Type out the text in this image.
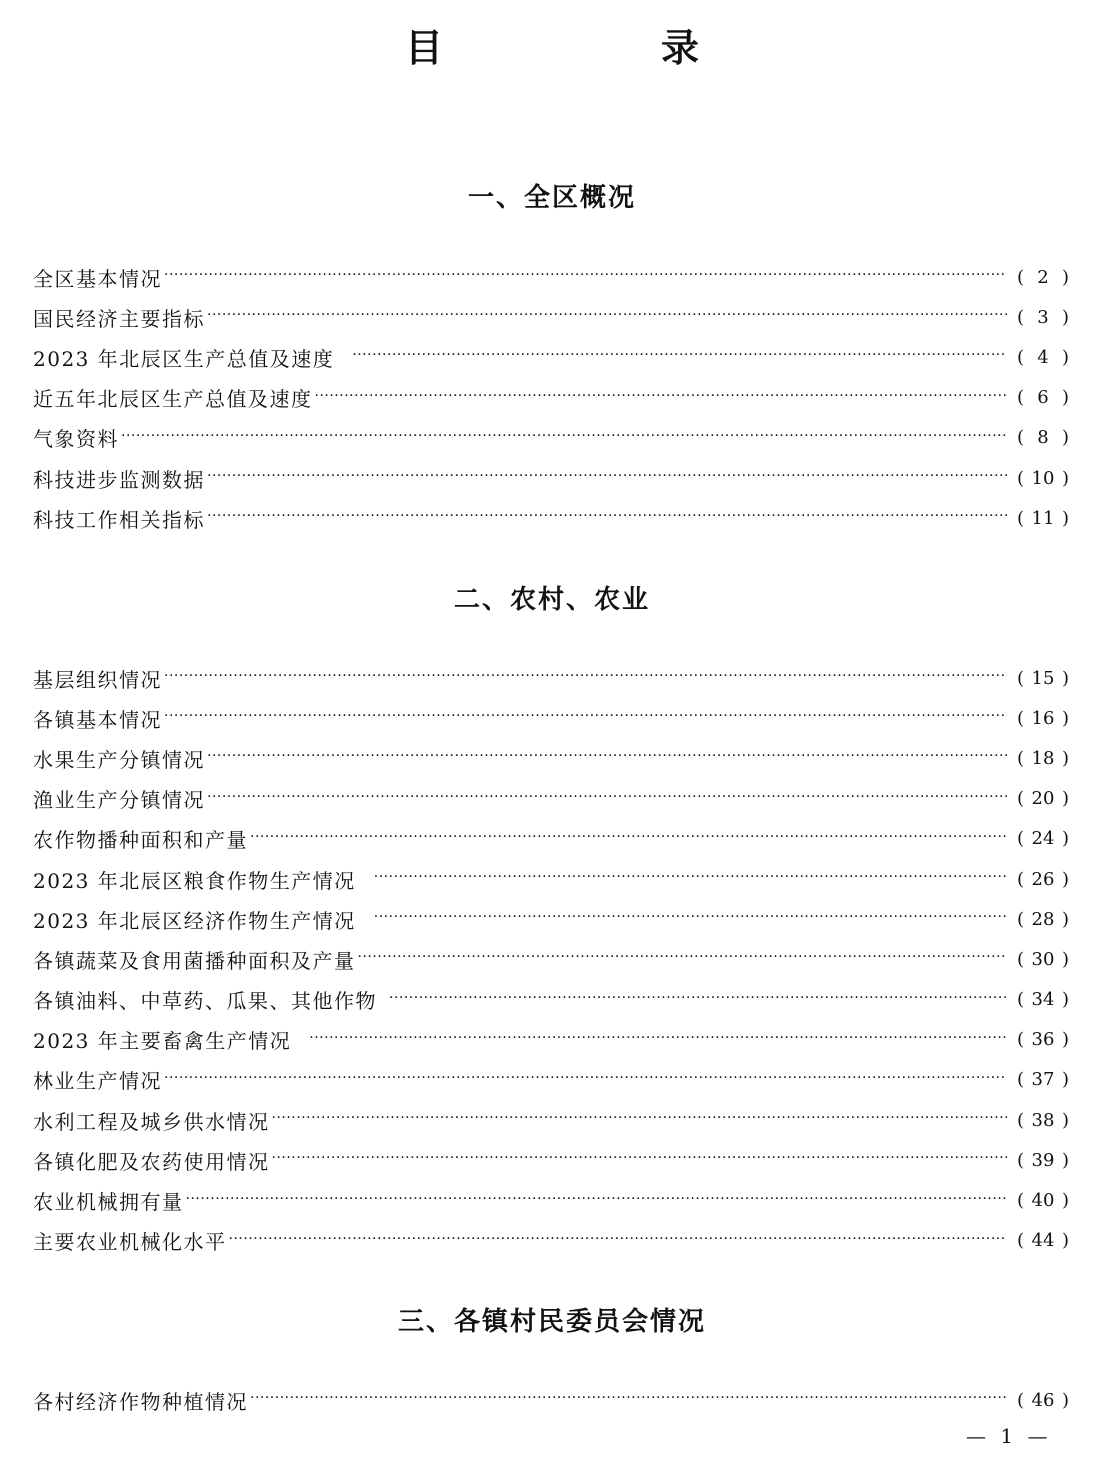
目　录
一、全区概况
全区基本情况 ·····	( 2 )
国民经济主要指标 ·····	( 3 )
2023 年北辰区生产总值及速度 ·····	( 4 )
近五年北辰区生产总值及速度 ·····	( 6 )
气象资料 ·····	( 8 )
科技进步监测数据 ·····	( 10 )
科技工作相关指标 ·····	( 11 )
二、农村、农业
基层组织情况 ·····	( 15 )
各镇基本情况 ·····	( 16 )
水果生产分镇情况 ·····	( 18 )
渔业生产分镇情况 ·····	( 20 )
农作物播种面积和产量 ·····	( 24 )
2023 年北辰区粮食作物生产情况 ·····	( 26 )
2023 年北辰区经济作物生产情况 ·····	( 28 )
各镇蔬菜及食用菌播种面积及产量 ·····	( 30 )
各镇油料、中草药、瓜果、其他作物 ·····	( 34 )
2023 年主要畜禽生产情况 ·····	( 36 )
林业生产情况 ·····	( 37 )
水利工程及城乡供水情况 ·····	( 38 )
各镇化肥及农药使用情况 ·····	( 39 )
农业机械拥有量 ·····	( 40 )
主要农业机械化水平 ·····	( 44 )
三、各镇村民委员会情况
各村经济作物种植情况 ·····	( 46 )
— 1 —
